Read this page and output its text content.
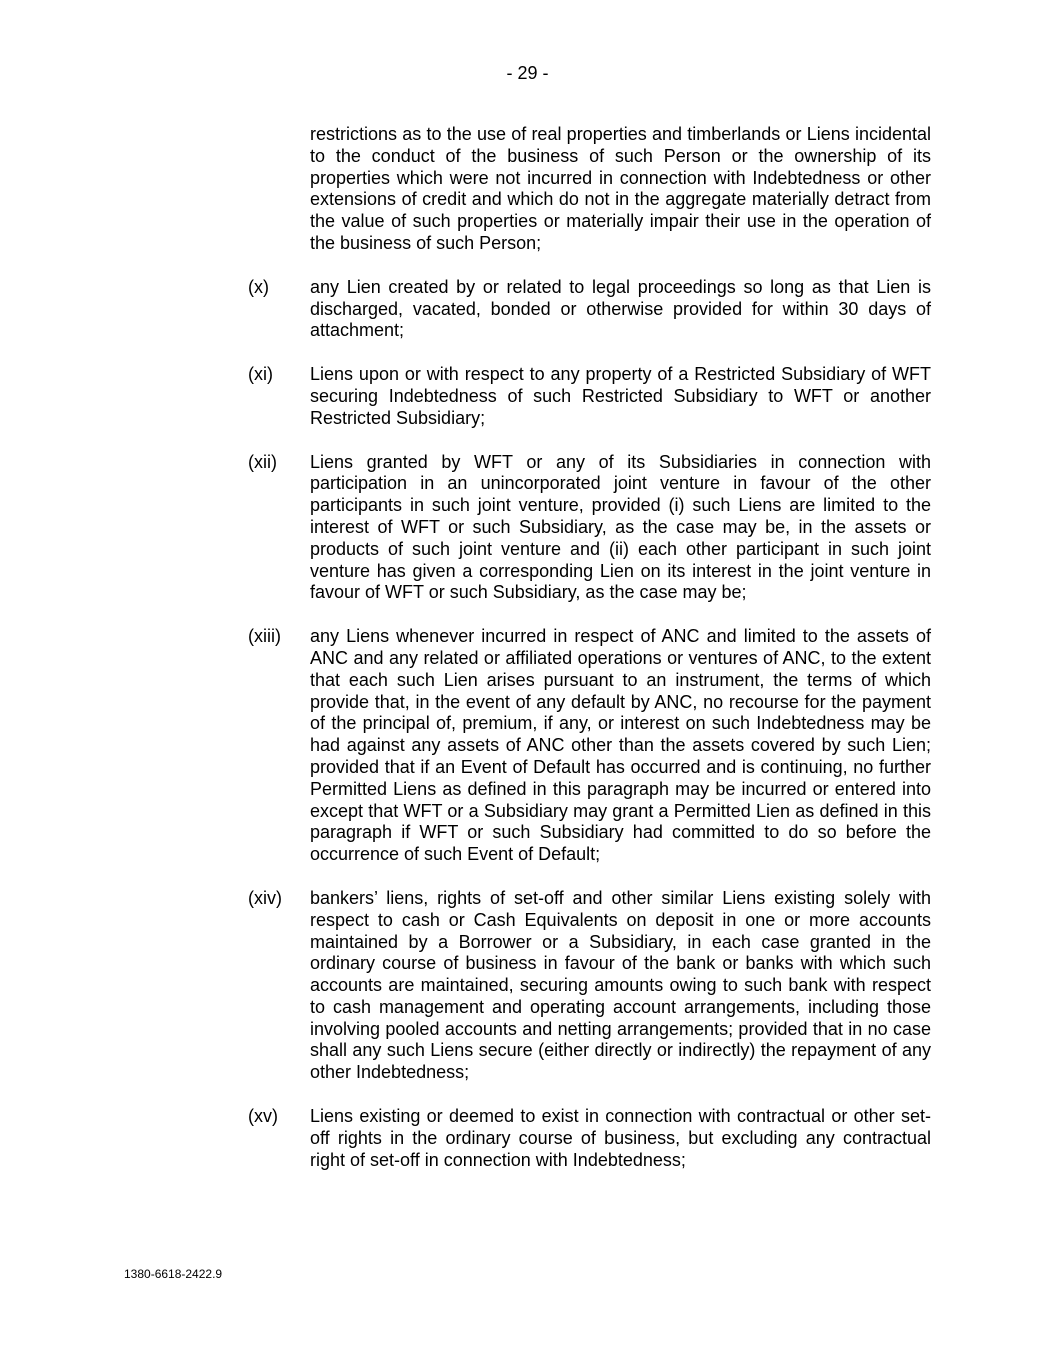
- 29 -
restrictions as to the use of real properties and timberlands or Liens incidental to the conduct of the business of such Person or the ownership of its properties which were not incurred in connection with Indebtedness or other extensions of credit and which do not in the aggregate materially detract from the value of such properties or materially impair their use in the operation of the business of such Person;
(x)	any Lien created by or related to legal proceedings so long as that Lien is discharged, vacated, bonded or otherwise provided for within 30 days of attachment;
(xi)	Liens upon or with respect to any property of a Restricted Subsidiary of WFT securing Indebtedness of such Restricted Subsidiary to WFT or another Restricted Subsidiary;
(xii)	Liens granted by WFT or any of its Subsidiaries in connection with participation in an unincorporated joint venture in favour of the other participants in such joint venture, provided (i) such Liens are limited to the interest of WFT or such Subsidiary, as the case may be, in the assets or products of such joint venture and (ii) each other participant in such joint venture has given a corresponding Lien on its interest in the joint venture in favour of WFT or such Subsidiary, as the case may be;
(xiii)	any Liens whenever incurred in respect of ANC and limited to the assets of ANC and any related or affiliated operations or ventures of ANC, to the extent that each such Lien arises pursuant to an instrument, the terms of which provide that, in the event of any default by ANC, no recourse for the payment of the principal of, premium, if any, or interest on such Indebtedness may be had against any assets of ANC other than the assets covered by such Lien; provided that if an Event of Default has occurred and is continuing, no further Permitted Liens as defined in this paragraph may be incurred or entered into except that WFT or a Subsidiary may grant a Permitted Lien as defined in this paragraph if WFT or such Subsidiary had committed to do so before the occurrence of such Event of Default;
(xiv)	bankers’ liens, rights of set-off and other similar Liens existing solely with respect to cash or Cash Equivalents on deposit in one or more accounts maintained by a Borrower or a Subsidiary, in each case granted in the ordinary course of business in favour of the bank or banks with which such accounts are maintained, securing amounts owing to such bank with respect to cash management and operating account arrangements, including those involving pooled accounts and netting arrangements; provided that in no case shall any such Liens secure (either directly or indirectly) the repayment of any other Indebtedness;
(xv)	Liens existing or deemed to exist in connection with contractual or other set-off rights in the ordinary course of business, but excluding any contractual right of set-off in connection with Indebtedness;
1380-6618-2422.9
